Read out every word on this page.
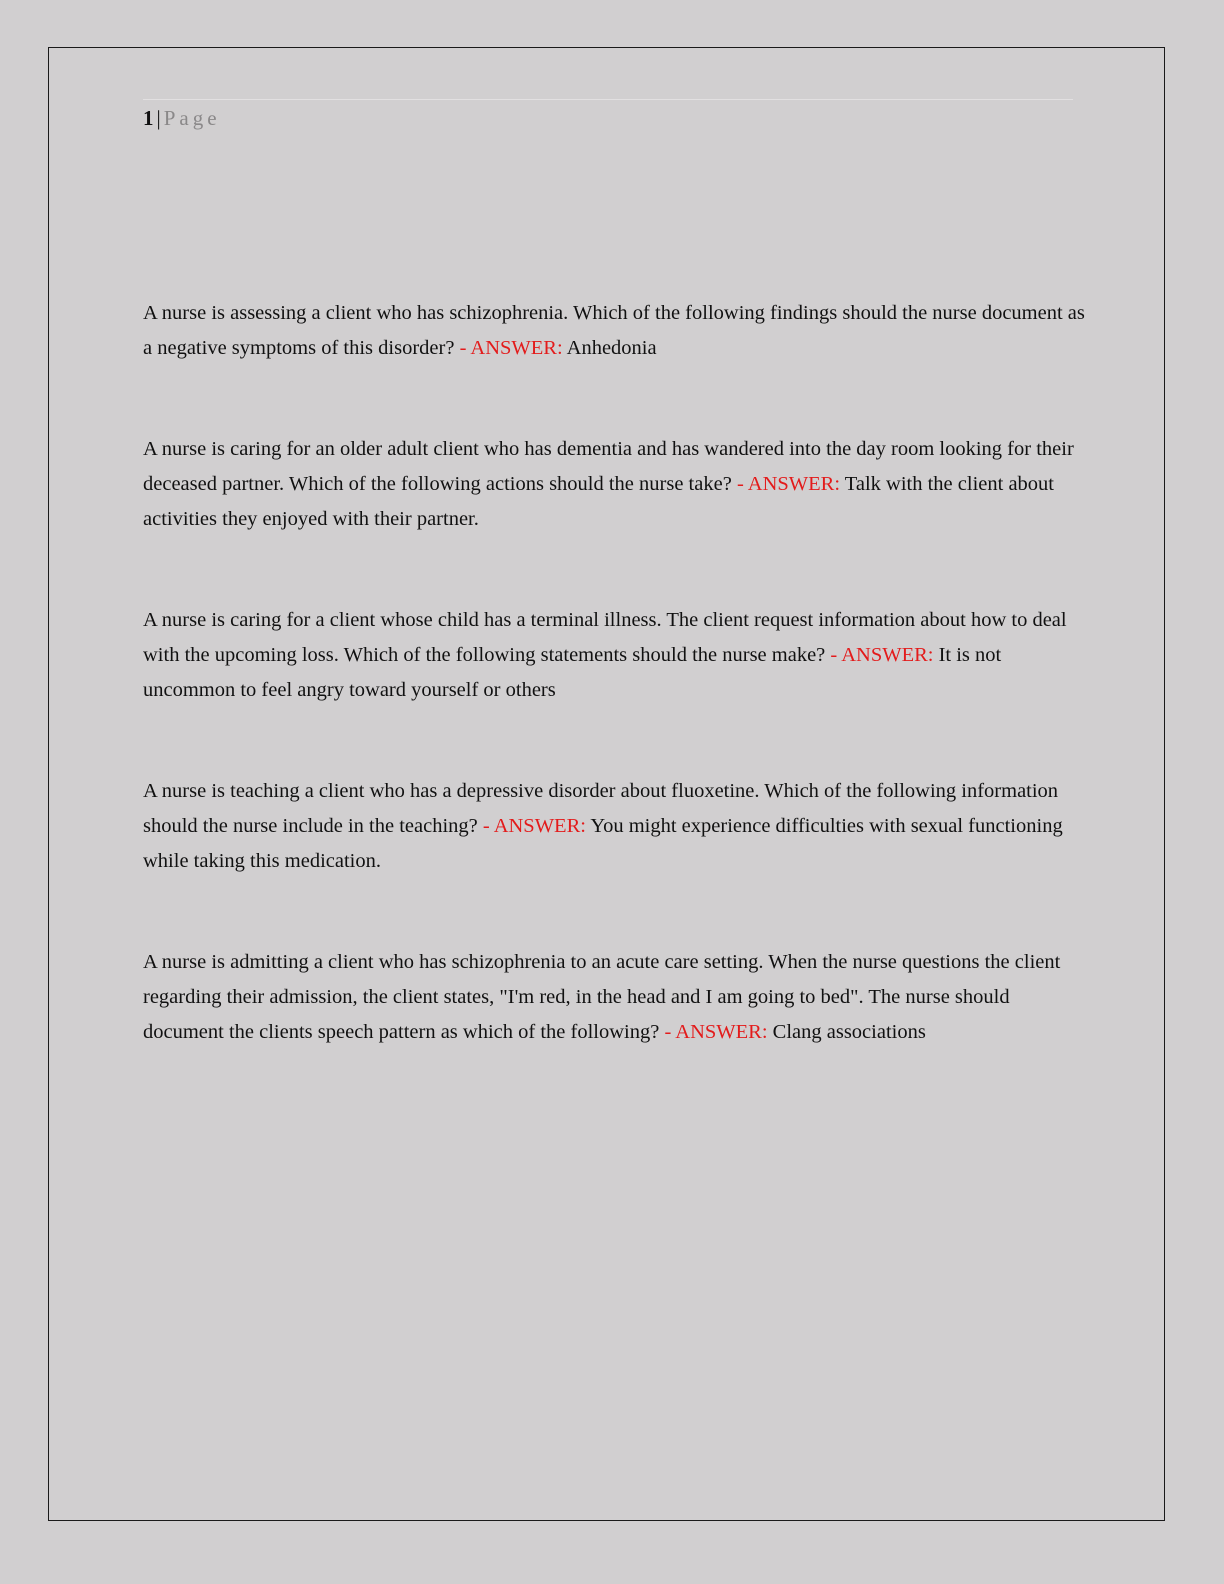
1 | Page

A nurse is assessing a client who has schizophrenia. Which of the following findings should the nurse document as a negative symptoms of this disorder? - ANSWER: Anhedonia

A nurse is caring for an older adult client who has dementia and has wandered into the day room looking for their deceased partner. Which of the following actions should the nurse take? - ANSWER: Talk with the client about activities they enjoyed with their partner.

A nurse is caring for a client whose child has a terminal illness. The client request information about how to deal with the upcoming loss. Which of the following statements should the nurse make? - ANSWER: It is not uncommon to feel angry toward yourself or others

A nurse is teaching a client who has a depressive disorder about fluoxetine. Which of the following information should the nurse include in the teaching? - ANSWER: You might experience difficulties with sexual functioning while taking this medication.

A nurse is admitting a client who has schizophrenia to an acute care setting. When the nurse questions the client regarding their admission, the client states, "I'm red, in the head and I am going to bed". The nurse should document the clients speech pattern as which of the following? - ANSWER: Clang associations
